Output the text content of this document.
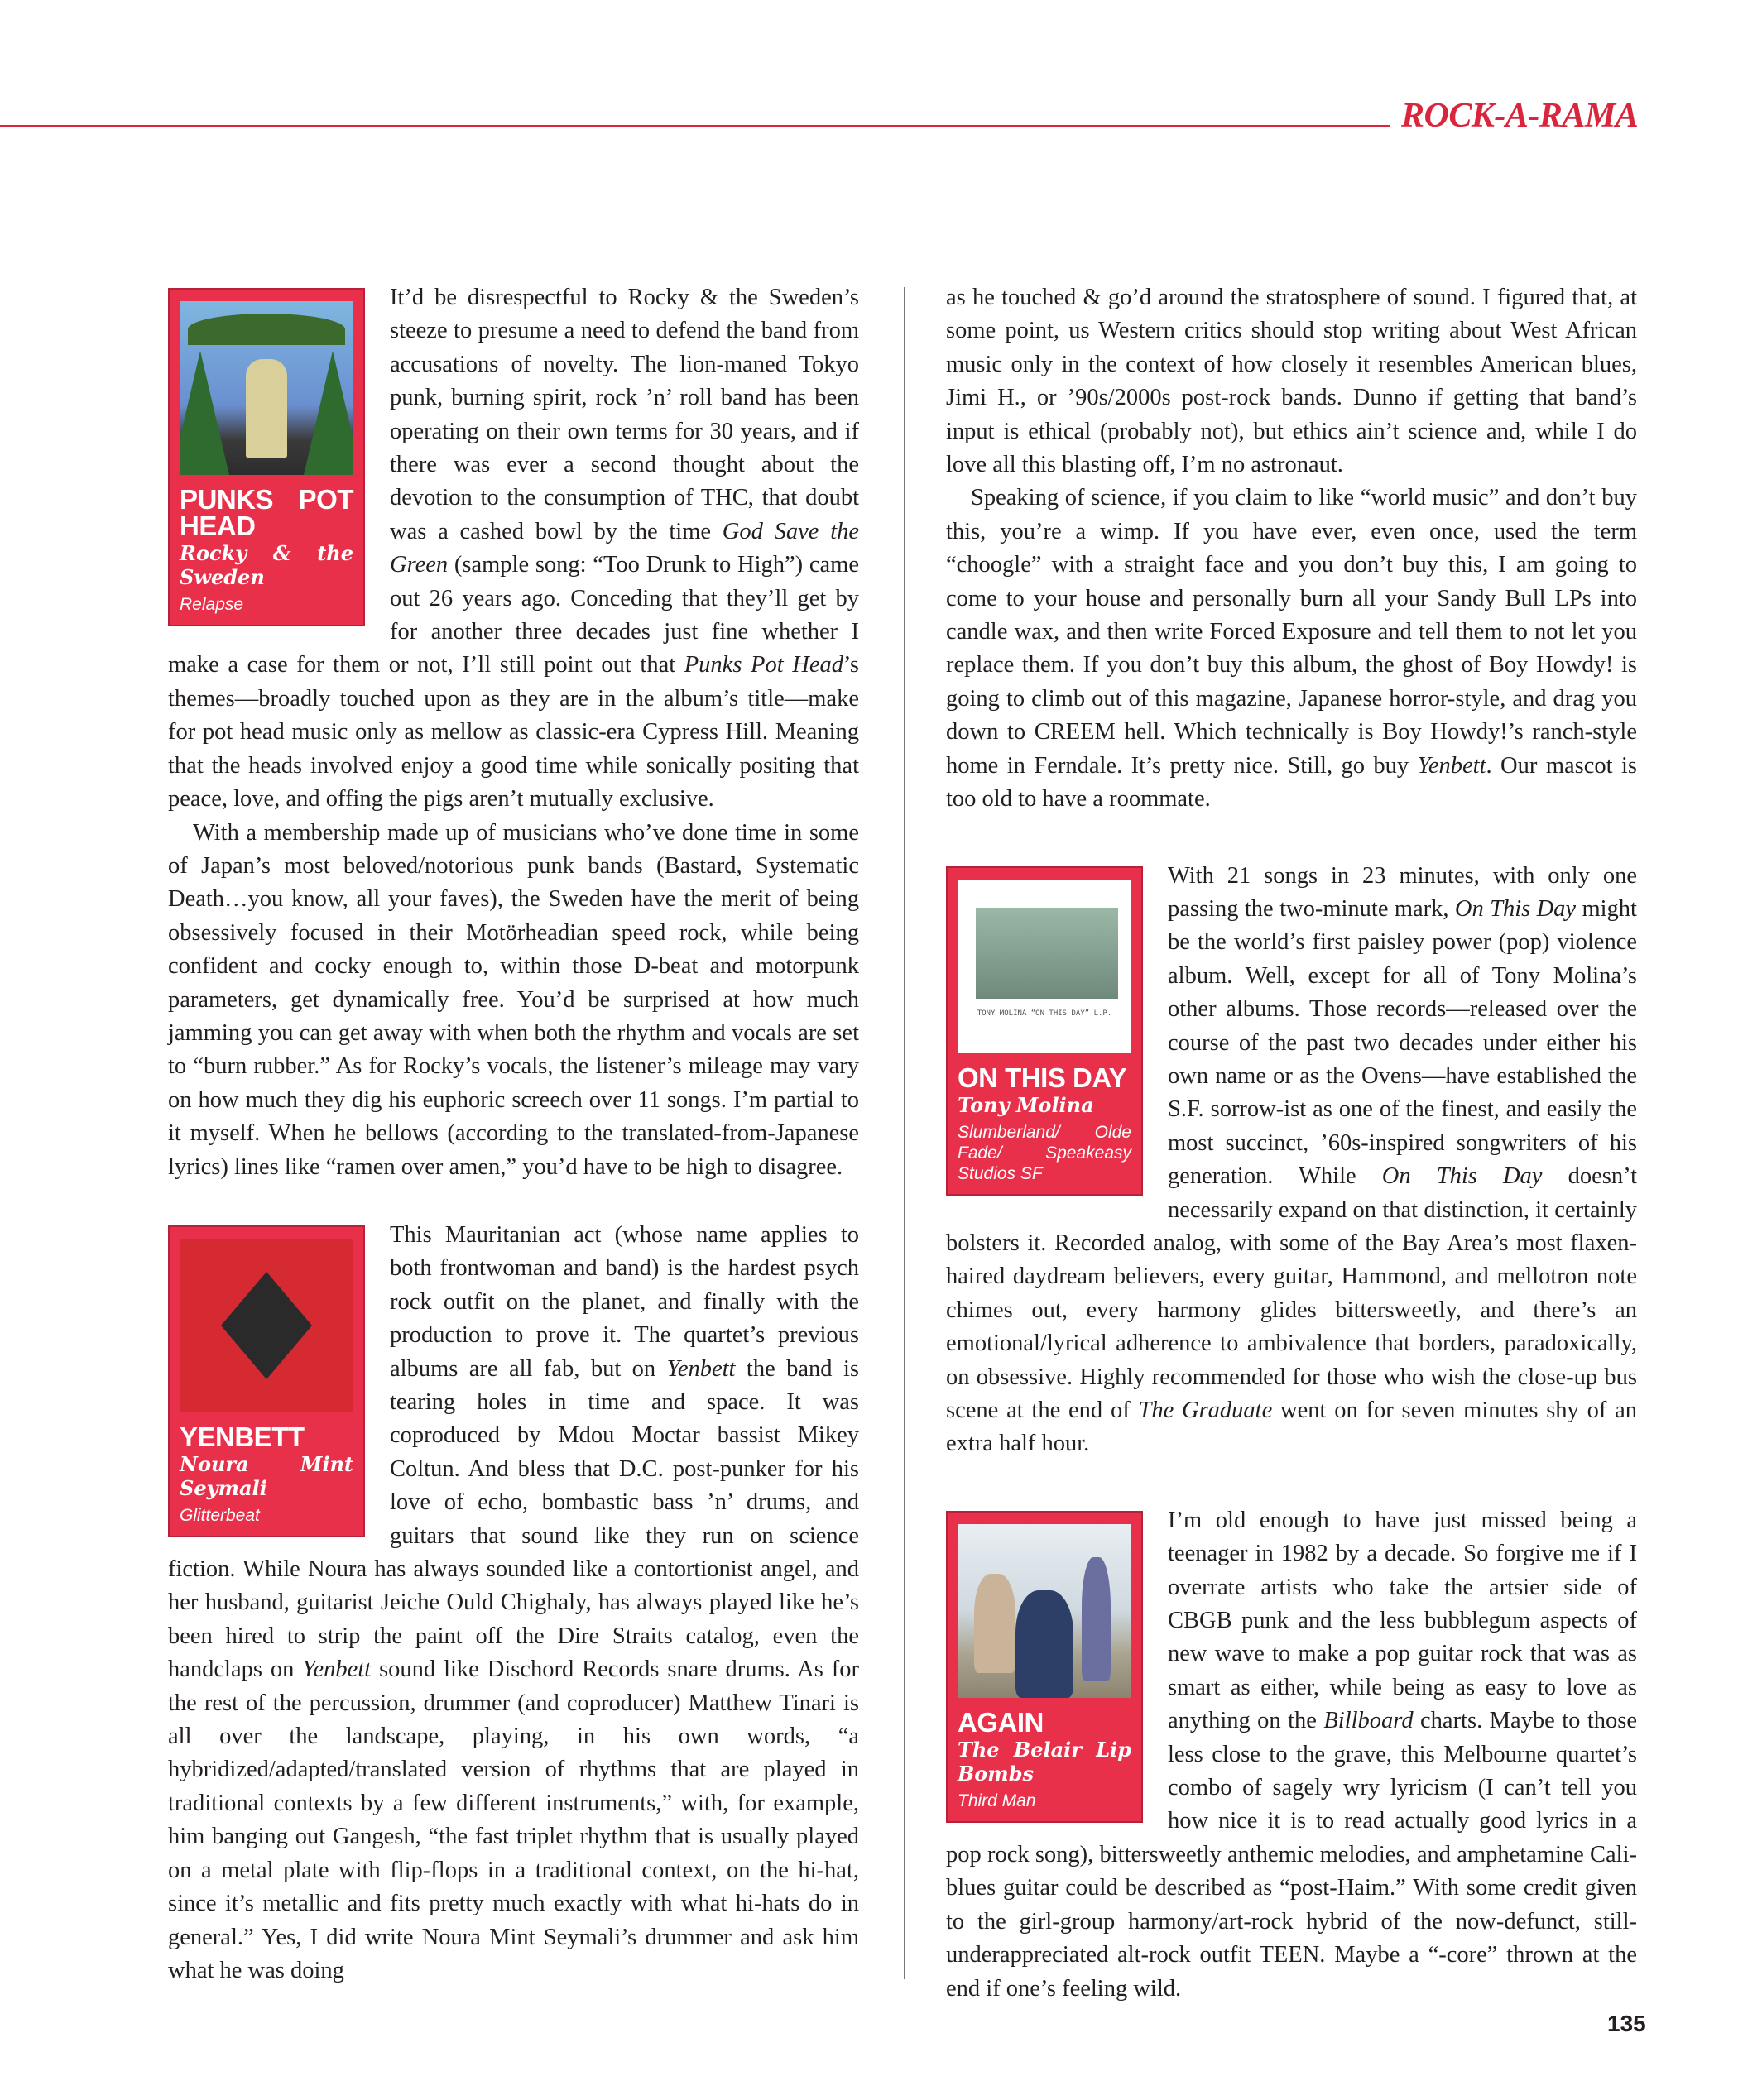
ROCK-A-RAMA
PUNKS POT HEAD
Rocky & the Sweden
Relapse

It’d be disrespectful to Rocky & the Sweden’s steeze to presume a need to defend the band from accusations of novelty. The lion-maned Tokyo punk, burning spirit, rock ’n’ roll band has been operating on their own terms for 30 years, and if there was ever a second thought about the devotion to the consumption of THC, that doubt was a cashed bowl by the time God Save the Green (sample song: “Too Drunk to High”) came out 26 years ago. Conceding that they’ll get by for another three decades just fine whether I make a case for them or not, I’ll still point out that Punks Pot Head’s themes—broadly touched upon as they are in the album’s title—make for pot head music only as mellow as classic-era Cypress Hill. Meaning that the heads involved enjoy a good time while sonically positing that peace, love, and offing the pigs aren’t mutually exclusive.

With a membership made up of musicians who’ve done time in some of Japan’s most beloved/notorious punk bands (Bastard, Systematic Death…you know, all your faves), the Sweden have the merit of being obsessively focused in their Motörheadian speed rock, while being confident and cocky enough to, within those D-beat and motorpunk parameters, get dynamically free. You’d be surprised at how much jamming you can get away with when both the rhythm and vocals are set to “burn rubber.” As for Rocky’s vocals, the listener’s mileage may vary on how much they dig his euphoric screech over 11 songs. I’m partial to it myself. When he bellows (according to the translated-from-Japanese lyrics) lines like “ramen over amen,” you’d have to be high to disagree.

YENBETT
Noura Mint Seymali
Glitterbeat

This Mauritanian act (whose name applies to both frontwoman and band) is the hardest psych rock outfit on the planet, and finally with the production to prove it. The quartet’s previous albums are all fab, but on Yenbett the band is tearing holes in time and space. It was coproduced by Mdou Moctar bassist Mikey Coltun. And bless that D.C. post-punker for his love of echo, bombastic bass ’n’ drums, and guitars that sound like they run on science fiction. While Noura has always sounded like a contortionist angel, and her husband, guitarist Jeiche Ould Chighaly, has always played like he’s been hired to strip the paint off the Dire Straits catalog, even the handclaps on Yenbett sound like Dischord Records snare drums. As for the rest of the percussion, drummer (and coproducer) Matthew Tinari is all over the landscape, playing, in his own words, “a hybridized/adapted/translated version of rhythms that are played in traditional contexts by a few different instruments,” with, for example, him banging out Gangesh, “the fast triplet rhythm that is usually played on a metal plate with flip-flops in a traditional context, on the hi-hat, since it’s metallic and fits pretty much exactly with what hi-hats do in general.” Yes, I did write Noura Mint Seymali’s drummer and ask him what he was doing

as he touched & go’d around the stratosphere of sound. I figured that, at some point, us Western critics should stop writing about West African music only in the context of how closely it resembles American blues, Jimi H., or ’90s/2000s post-rock bands. Dunno if getting that band’s input is ethical (probably not), but ethics ain’t science and, while I do love all this blasting off, I’m no astronaut.

Speaking of science, if you claim to like “world music” and don’t buy this, you’re a wimp. If you have ever, even once, used the term “choogle” with a straight face and you don’t buy this, I am going to come to your house and personally burn all your Sandy Bull LPs into candle wax, and then write Forced Exposure and tell them to not let you replace them. If you don’t buy this album, the ghost of Boy Howdy! is going to climb out of this magazine, Japanese horror-style, and drag you down to CREEM hell. Which technically is Boy Howdy!’s ranch-style home in Ferndale. It’s pretty nice. Still, go buy Yenbett. Our mascot is too old to have a roommate.

TONY MOLINA “ON THIS DAY” L.P.
ON THIS DAY
Tony Molina
Slumberland/ Olde Fade/ Speakeasy Studios SF

With 21 songs in 23 minutes, with only one passing the two-minute mark, On This Day might be the world’s first paisley power (pop) violence album. Well, except for all of Tony Molina’s other albums. Those records—released over the course of the past two decades under either his own name or as the Ovens—have established the S.F. sorrow-ist as one of the finest, and easily the most succinct, ’60s-inspired songwriters of his generation. While On This Day doesn’t necessarily expand on that distinction, it certainly bolsters it. Recorded analog, with some of the Bay Area’s most flaxen-haired daydream believers, every guitar, Hammond, and mellotron note chimes out, every harmony glides bittersweetly, and there’s an emotional/lyrical adherence to ambivalence that borders, paradoxically, on obsessive. Highly recommended for those who wish the close-up bus scene at the end of The Graduate went on for seven minutes shy of an extra half hour.

AGAIN
The Belair Lip Bombs
Third Man

I’m old enough to have just missed being a teenager in 1982 by a decade. So forgive me if I overrate artists who take the artsier side of CBGB punk and the less bubblegum aspects of new wave to make a pop guitar rock that was as smart as either, while being as easy to love as anything on the Billboard charts. Maybe to those less close to the grave, this Melbourne quartet’s combo of sagely wry lyricism (I can’t tell you how nice it is to read actually good lyrics in a pop rock song), bittersweetly anthemic melodies, and amphetamine Cali-blues guitar could be described as “post-Haim.” With some credit given to the girl-group harmony/art-rock hybrid of the now-defunct, still-underappreciated alt-rock outfit TEEN. Maybe a “-core” thrown at the end if one’s feeling wild.

135
